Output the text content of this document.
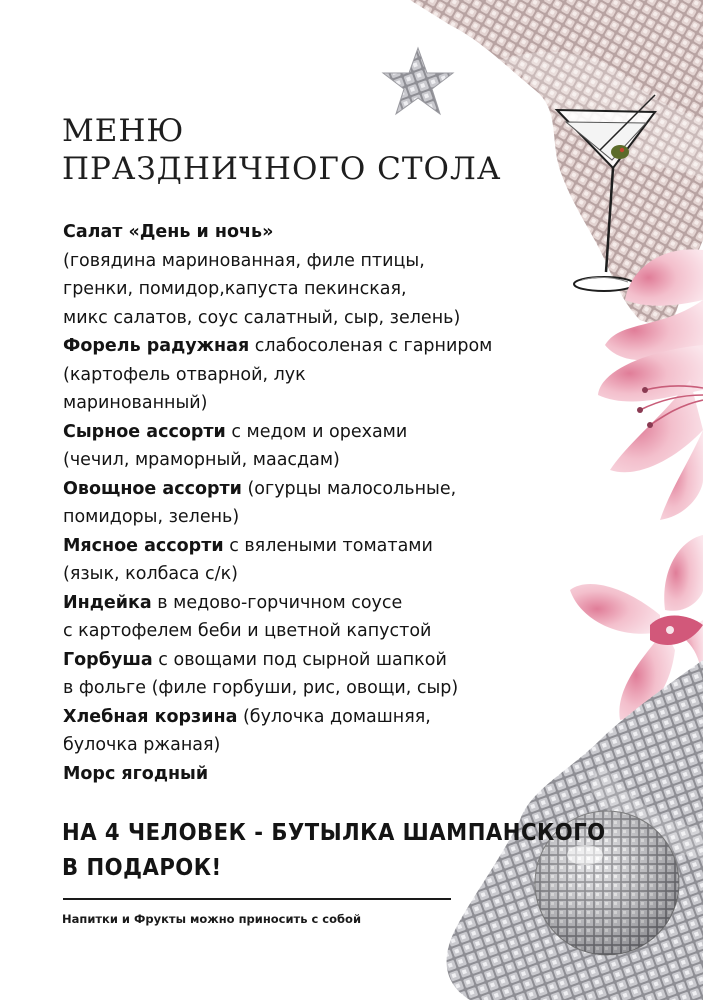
МЕНЮ
ПРАЗДНИЧНОГО СТОЛА
Салат «День и ночь»
(говядина маринованная, филе птицы,
гренки, помидор,капуста пекинская,
микс салатов, соус салатный, сыр, зелень)
Форель радужная слабосоленая с гарниром
(картофель отварной, лук
маринованный)
Сырное ассорти с медом и орехами
(чечил, мраморный, маасдам)
Овощное ассорти (огурцы малосольные,
помидоры, зелень)
Мясное ассорти с вялеными томатами
(язык, колбаса с/к)
Индейка в медово-горчичном соусе
с картофелем беби и цветной капустой
Горбуша с овощами под сырной шапкой
в фольге (филе горбуши, рис, овощи, сыр)
Хлебная корзина (булочка домашняя,
булочка ржаная)
Морс ягодный
НА 4 ЧЕЛОВЕК - БУТЫЛКА ШАМПАНСКОГО
В ПОДАРОК!
Напитки и Фрукты можно приносить с собой
